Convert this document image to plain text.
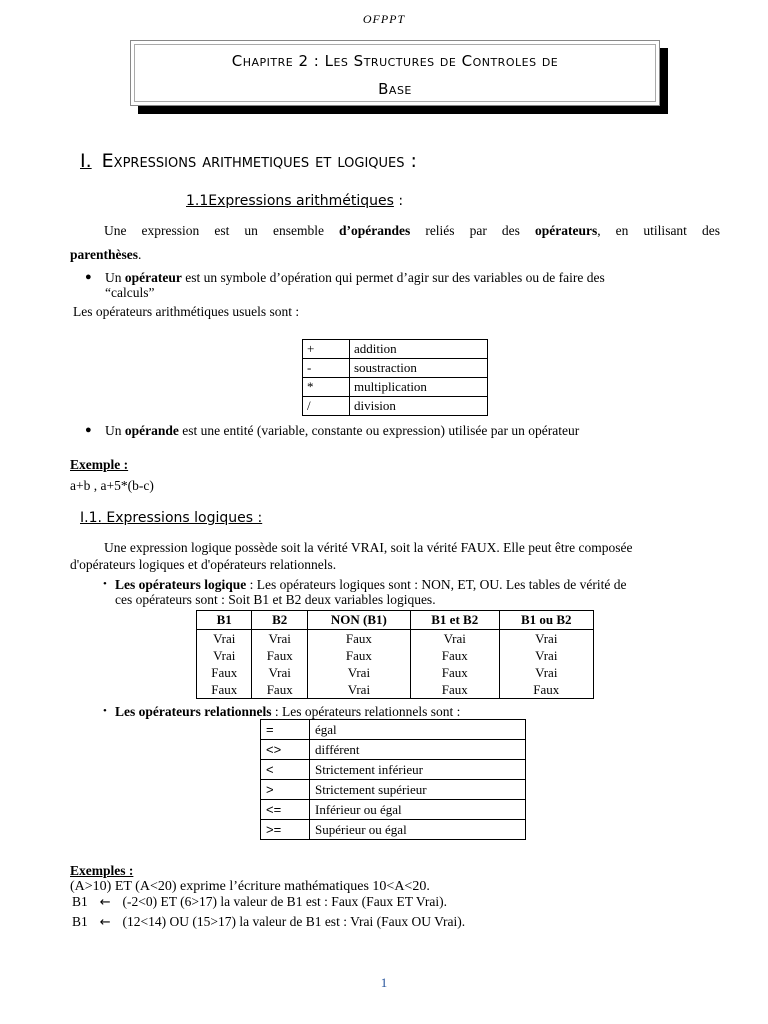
OFPPT
Chapitre 2 : Les Structures de Controles de
Base
I. Expressions arithmetiques et logiques :
1.1Expressions arithmétiques :
Une expression est un ensemble d’opérandes reliés par des opérateurs, en utilisant des
parenthèses.
● Un opérateur est un symbole d’opération qui permet d’agir sur des variables ou de faire des
“calculs”
Les opérateurs arithmétiques usuels sont :
+	addition
-	soustraction
*	multiplication
/	division
● Un opérande est une entité (variable, constante ou expression) utilisée par un opérateur
Exemple :
a+b , a+5*(b-c)
I.1. Expressions logiques :
Une expression logique possède soit la vérité VRAI, soit la vérité FAUX. Elle peut être composée
d'opérateurs logiques et d'opérateurs relationnels.
• Les opérateurs logique : Les opérateurs logiques sont : NON, ET, OU. Les tables de vérité de
ces opérateurs sont : Soit B1 et B2 deux variables logiques.
B1	B2	NON (B1)	B1 et B2	B1 ou B2
Vrai	Vrai	Faux	Vrai	Vrai
Vrai	Faux	Faux	Faux	Vrai
Faux	Vrai	Vrai	Faux	Vrai
Faux	Faux	Vrai	Faux	Faux
• Les opérateurs relationnels : Les opérateurs relationnels sont :
=	égal
<>	différent
<	Strictement inférieur
>	Strictement supérieur
<=	Inférieur ou égal
>=	Supérieur ou égal
Exemples :
(A>10) ET (A<20) exprime l’écriture mathématiques 10<A<20.
B1 ← (-2<0) ET (6>17) la valeur de B1 est : Faux (Faux ET Vrai).
B1 ← (12<14) OU (15>17) la valeur de B1 est : Vrai (Faux OU Vrai).
1
